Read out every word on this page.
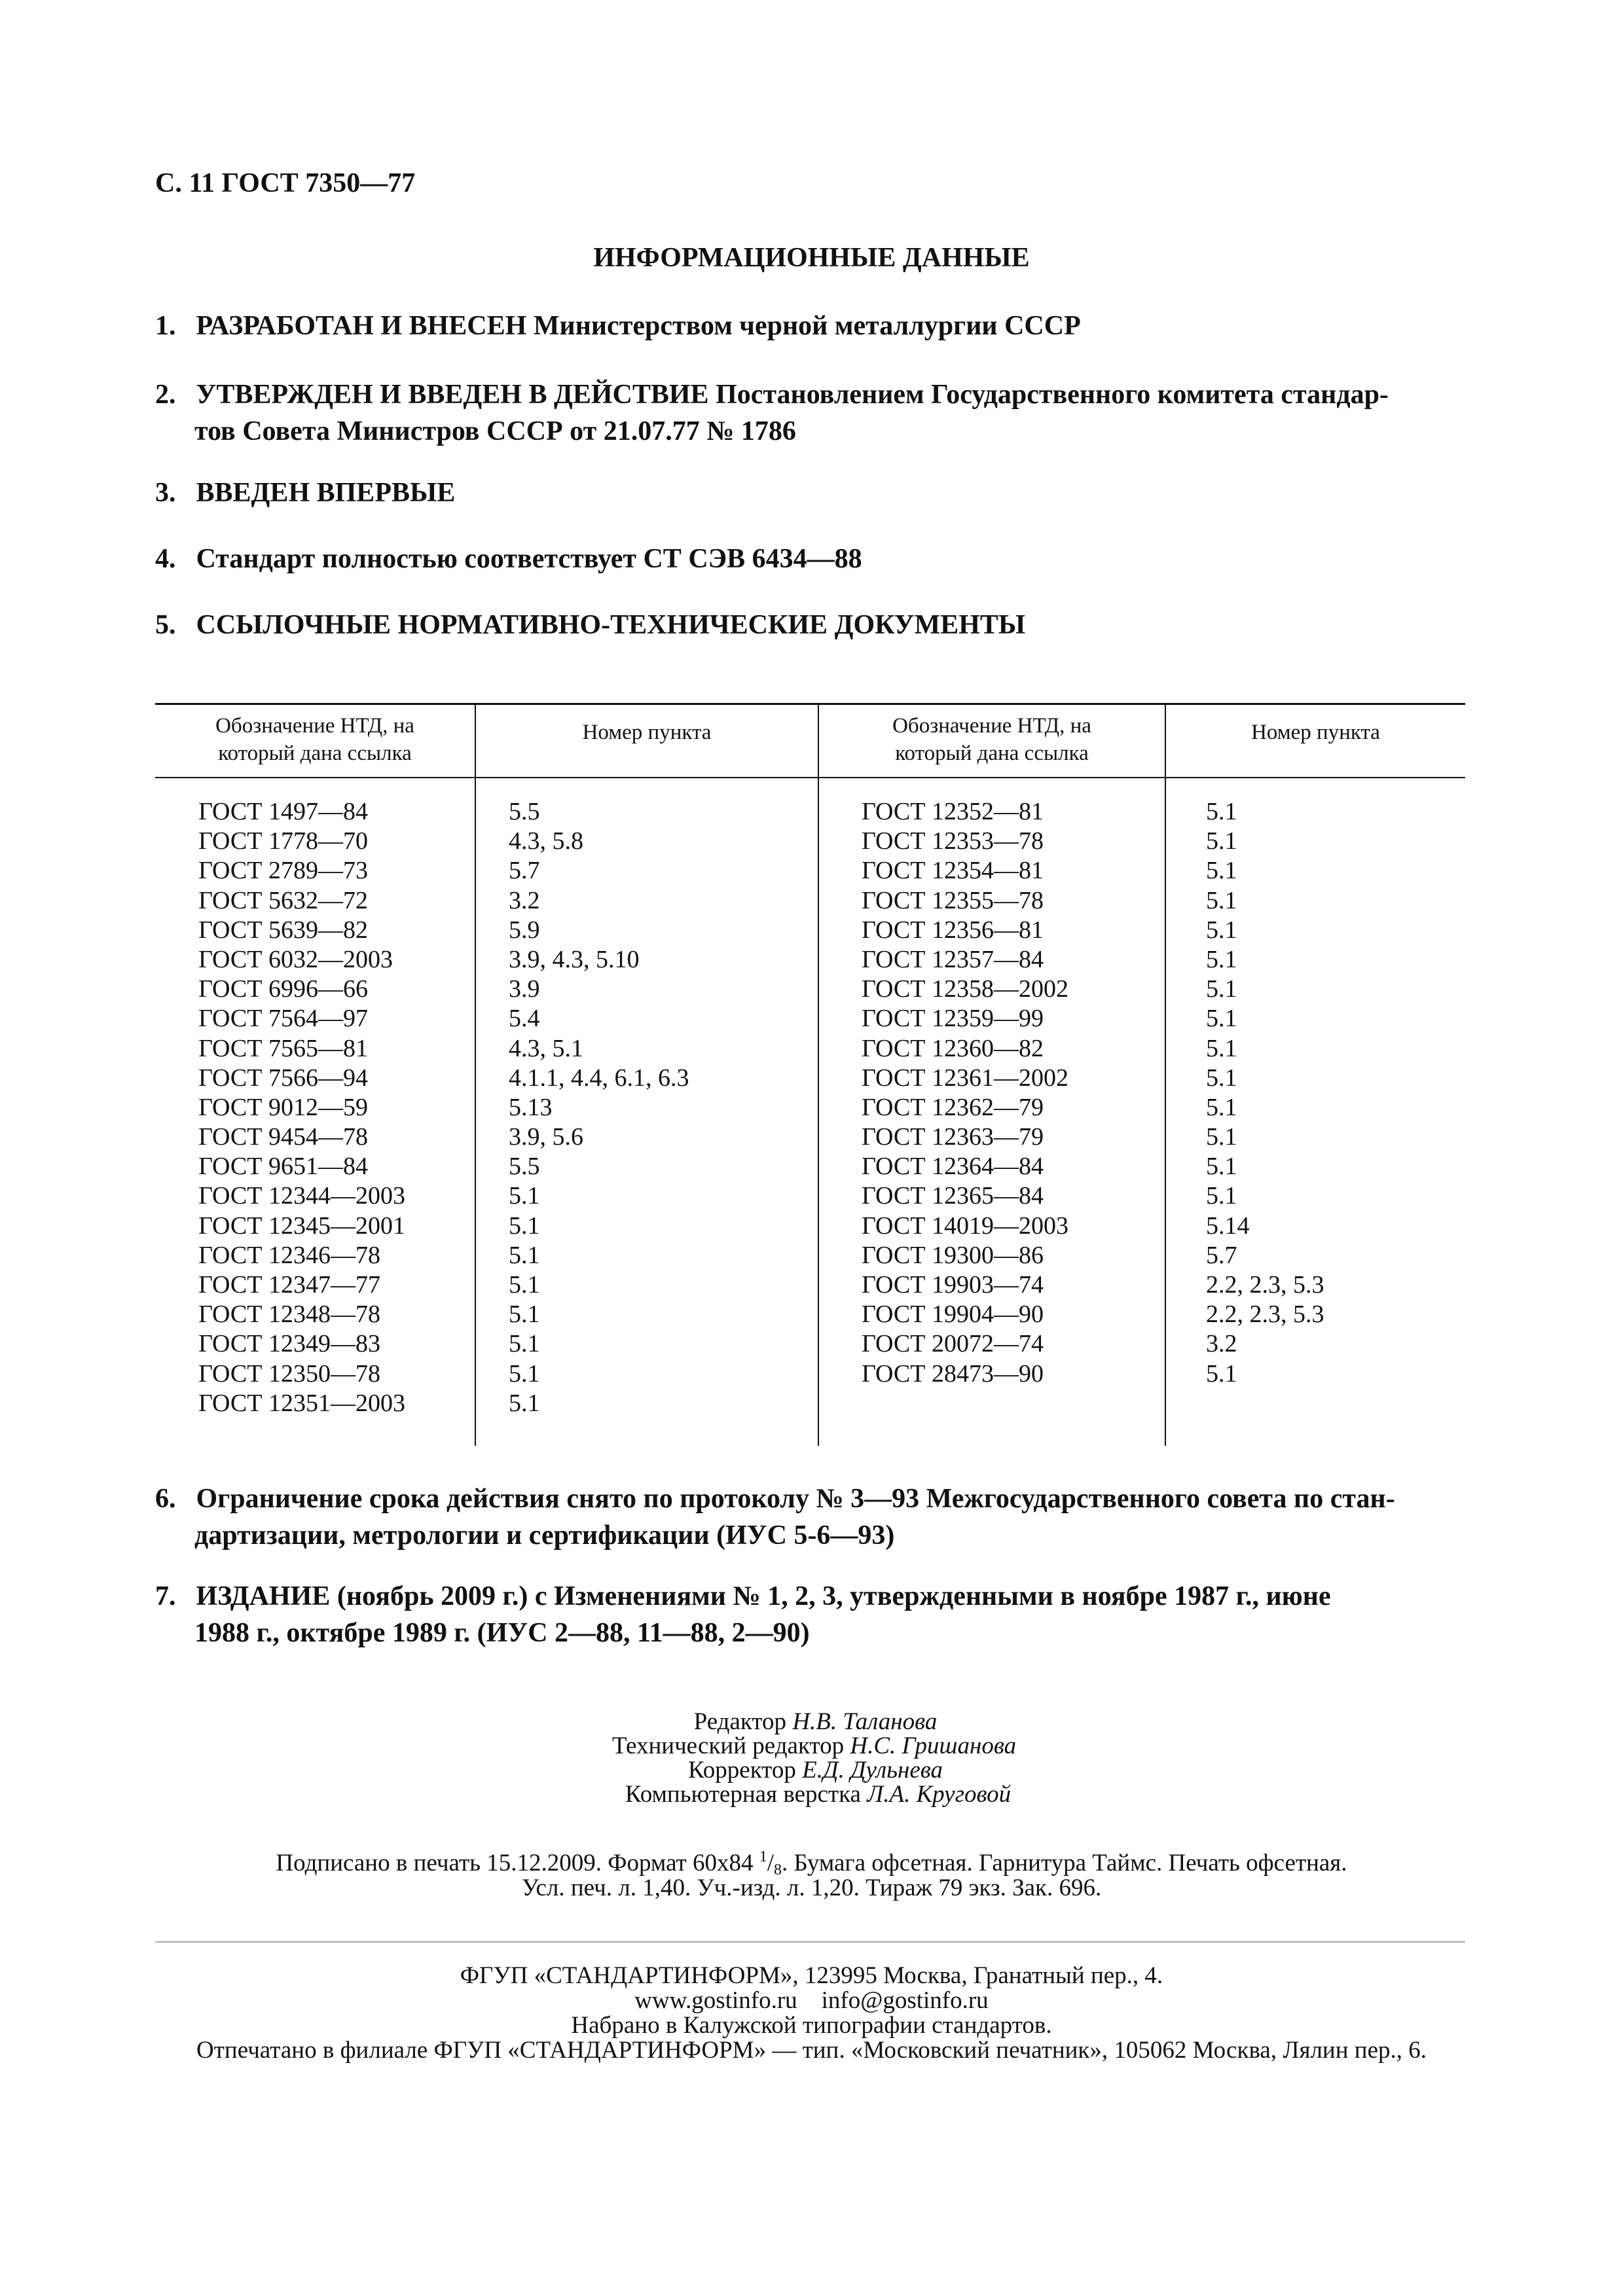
С. 11 ГОСТ 7350—77
ИНФОРМАЦИОННЫЕ ДАННЫЕ
1. РАЗРАБОТАН И ВНЕСЕН Министерством черной металлургии СССР
2. УТВЕРЖДЕН И ВВЕДЕН В ДЕЙСТВИЕ Постановлением Государственного комитета стандар-
тов Совета Министров СССР от 21.07.77 № 1786
3. ВВЕДЕН ВПЕРВЫЕ
4. Стандарт полностью соответствует СТ СЭВ 6434—88
5. ССЫЛОЧНЫЕ НОРМАТИВНО-ТЕХНИЧЕСКИЕ ДОКУМЕНТЫ
Обозначение НТД, на
который дана ссылка
Номер пункта	Обозначение НТД, на
который дана ссылка
Номер пункта
ГОСТ 1497—84
ГОСТ 1778—70
ГОСТ 2789—73
ГОСТ 5632—72
ГОСТ 5639—82
ГОСТ 6032—2003
ГОСТ 6996—66
ГОСТ 7564—97
ГОСТ 7565—81
ГОСТ 7566—94
ГОСТ 9012—59
ГОСТ 9454—78
ГОСТ 9651—84
ГОСТ 12344—2003
ГОСТ 12345—2001
ГОСТ 12346—78
ГОСТ 12347—77
ГОСТ 12348—78
ГОСТ 12349—83
ГОСТ 12350—78
ГОСТ 12351—2003
5.5
4.3, 5.8
5.7
3.2
5.9
3.9, 4.3, 5.10
3.9
5.4
4.3, 5.1
4.1.1, 4.4, 6.1, 6.3
5.13
3.9, 5.6
5.5
5.1
5.1
5.1
5.1
5.1
5.1
5.1
5.1
ГОСТ 12352—81
ГОСТ 12353—78
ГОСТ 12354—81
ГОСТ 12355—78
ГОСТ 12356—81
ГОСТ 12357—84
ГОСТ 12358—2002
ГОСТ 12359—99
ГОСТ 12360—82
ГОСТ 12361—2002
ГОСТ 12362—79
ГОСТ 12363—79
ГОСТ 12364—84
ГОСТ 12365—84
ГОСТ 14019—2003
ГОСТ 19300—86
ГОСТ 19903—74
ГОСТ 19904—90
ГОСТ 20072—74
ГОСТ 28473—90
5.1
5.1
5.1
5.1
5.1
5.1
5.1
5.1
5.1
5.1
5.1
5.1
5.1
5.1
5.14
5.7
2.2, 2.3, 5.3
2.2, 2.3, 5.3
3.2
5.1
6. Ограничение срока действия снято по протоколу № 3—93 Межгосударственного совета по стан-
дартизации, метрологии и сертификации (ИУС 5-6—93)
7. ИЗДАНИЕ (ноябрь 2009 г.) с Изменениями № 1, 2, 3, утвержденными в ноябре 1987 г., июне
1988 г., октябре 1989 г. (ИУС 2—88, 11—88, 2—90)
Редактор Н.В. Таланова
Технический редактор Н.С. Гришанова
Корректор Е.Д. Дульнева
Компьютерная верстка Л.А. Круговой
Подписано в печать 15.12.2009. Формат 60x84 $^1/_8$. Бумага офсетная. Гарнитура Таймс. Печать офсетная.
Усл. печ. л. 1,40. Уч.-изд. л. 1,20. Тираж 79 экз. Зак. 696.
ФГУП «СТАНДАРТИНФОРМ», 123995 Москва, Гранатный пер., 4.
www.gostinfo.ru info@gostinfo.ru
Набрано в Калужской типографии стандартов.
Отпечатано в филиале ФГУП «СТАНДАРТИНФОРМ» — тип. «Московский печатник», 105062 Москва, Лялин пер., 6.
